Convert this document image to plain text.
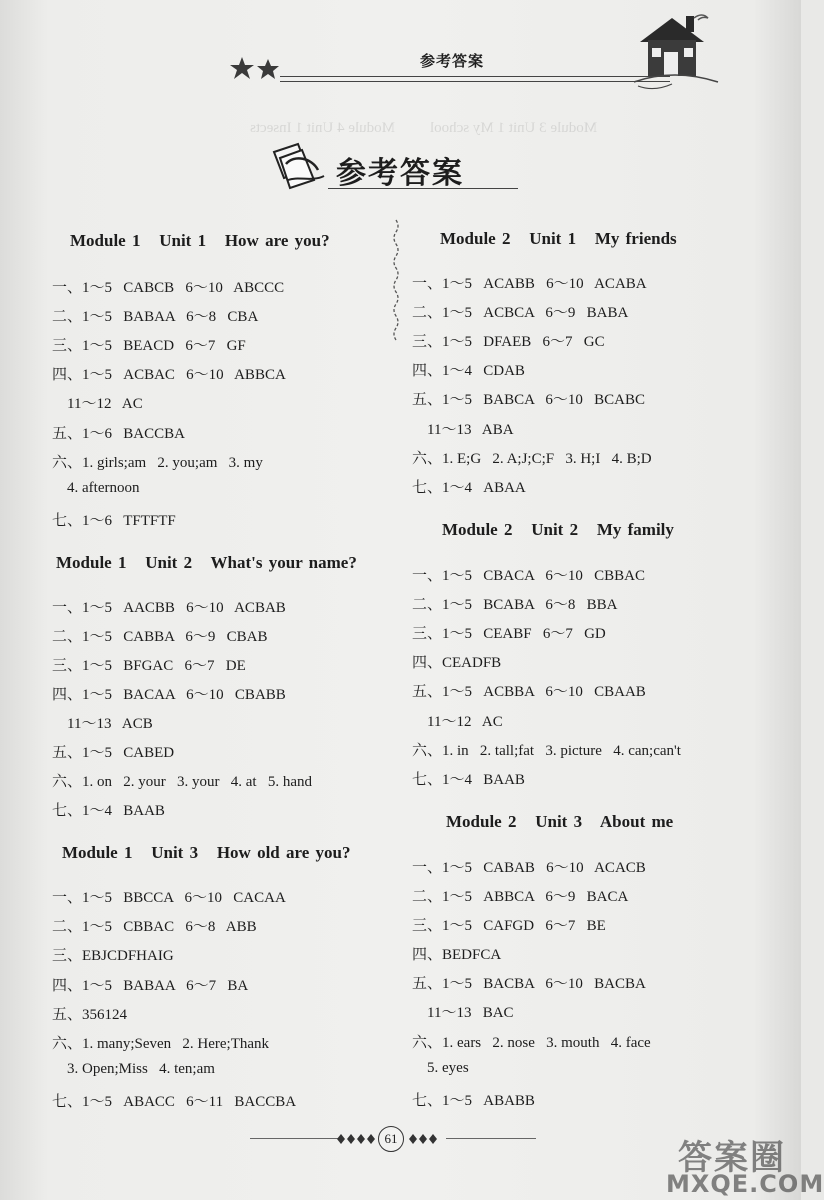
Module 3 Unit 1 My school
Module 4 Unit 1 Insects
参考答案
参考答案
Module 1   Unit 1   How are you?
一、1～5   CABCB   6～10   ABCCC
二、1～5   BABAA   6～8   CBA
三、1～5   BEACD   6～7   GF
四、1～5   ACBAC   6～10   ABBCA
11～12   AC
五、1～6   BACCBA
六、1. girls;am   2. you;am   3. my
4. afternoon
七、1～6   TFTFTF
Module 1   Unit 2   What's your name?
一、1～5   AACBB   6～10   ACBAB
二、1～5   CABBA   6～9   CBAB
三、1～5   BFGAC   6～7   DE
四、1～5   BACAA   6～10   CBABB
11～13   ACB
五、1～5   CABED
六、1. on   2. your   3. your   4. at   5. hand
七、1～4   BAAB
Module 1   Unit 3   How old are you?
一、1～5   BBCCA   6～10   CACAA
二、1～5   CBBAC   6～8   ABB
三、EBJCDFHAIG
四、1～5   BABAA   6～7   BA
五、356124
六、1. many;Seven   2. Here;Thank
3. Open;Miss   4. ten;am
七、1～5   ABACC   6～11   BACCBA
Module 2   Unit 1   My friends
一、1～5   ACABB   6～10   ACABA
二、1～5   ACBCA   6～9   BABA
三、1～5   DFAEB   6～7   GC
四、1～4   CDAB
五、1～5   BABCA   6～10   BCABC
11～13   ABA
六、1. E;G   2. A;J;C;F   3. H;I   4. B;D
七、1～4   ABAA
Module 2   Unit 2   My family
一、1～5   CBACA   6～10   CBBAC
二、1～5   BCABA   6～8   BBA
三、1～5   CEABF   6～7   GD
四、CEADFB
五、1～5   ACBBA   6～10   CBAAB
11～12   AC
六、1. in   2. tall;fat   3. picture   4. can;can't
七、1～4   BAAB
Module 2   Unit 3   About me
一、1～5   CABAB   6～10   ACACB
二、1～5   ABBCA   6～9   BACA
三、1～5   CAFGD   6～7   BE
四、BEDFCA
五、1～5   BACBA   6～10   BACBA
11～13   BAC
六、1. ears   2. nose   3. mouth   4. face
5. eyes
七、1～5   ABABB
61	答案圈
MXQE.COM
